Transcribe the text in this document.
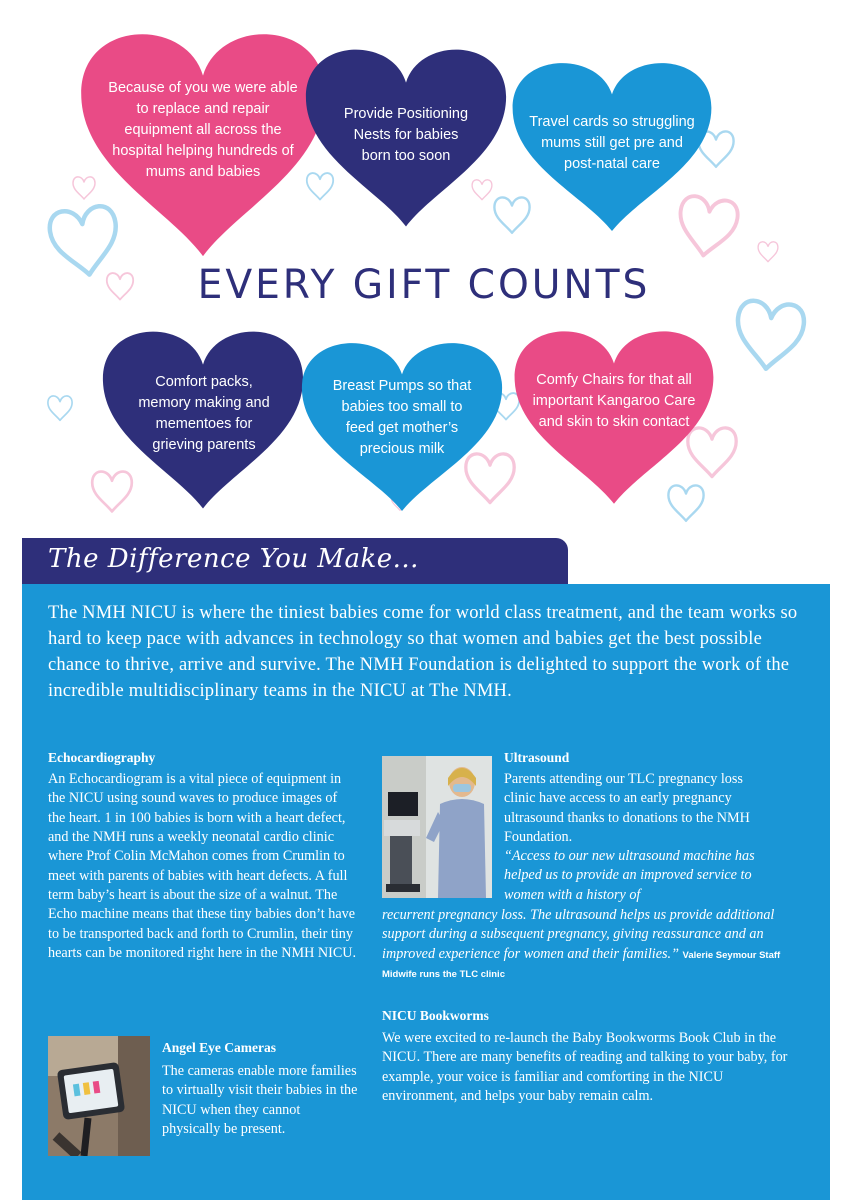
Because of you we were able to replace and repair equipment all across the hospital helping hundreds of mums and babies
Provide Positioning Nests for babies born too soon
Travel cards so struggling mums still get pre and post-natal care
Comfort packs, memory making and mementoes for grieving parents
Breast Pumps so that babies too small to feed get mother’s precious milk
Comfy Chairs for that all important Kangaroo Care and skin to skin contact
EVERY GIFT COUNTS
The Difference You Make...
The NMH NICU is where the tiniest babies come for world class treatment, and the team works so hard to keep pace with advances in technology so that women and babies get the best possible chance to thrive, arrive and survive. The NMH Foundation is delighted to support the work of the incredible multidisciplinary teams in the NICU at The NMH.
Echocardiography
An Echocardiogram is a vital piece of equipment in the NICU using sound waves to produce images of the heart. 1 in 100 babies is born with a heart defect, and the NMH runs a weekly neonatal cardio clinic where Prof Colin McMahon comes from Crumlin to meet with parents of babies with heart defects. A full term baby’s heart is about the size of a walnut. The Echo machine means that these tiny babies don’t have to be transported back and forth to Crumlin, their tiny hearts can be monitored right here in the NMH NICU.
Angel Eye Cameras
The cameras enable more families to virtually visit their babies in the NICU when they cannot physically be present.
Ultrasound
Parents attending our TLC pregnancy loss clinic have access to an early pregnancy ultrasound thanks to donations to the NMH Foundation.
“Access to our new ultrasound machine has helped us to provide an improved service to women with a history of
recurrent pregnancy loss. The ultrasound helps us provide additional support during a subsequent pregnancy, giving reassurance and an improved experience for women and their families.” Valerie Seymour Staff Midwife runs the TLC clinic
NICU Bookworms
We were excited to re-launch the Baby Bookworms Book Club in the NICU. There are many benefits of reading and talking to your baby, for example, your voice is familiar and comforting in the NICU environment, and helps your baby remain calm.
